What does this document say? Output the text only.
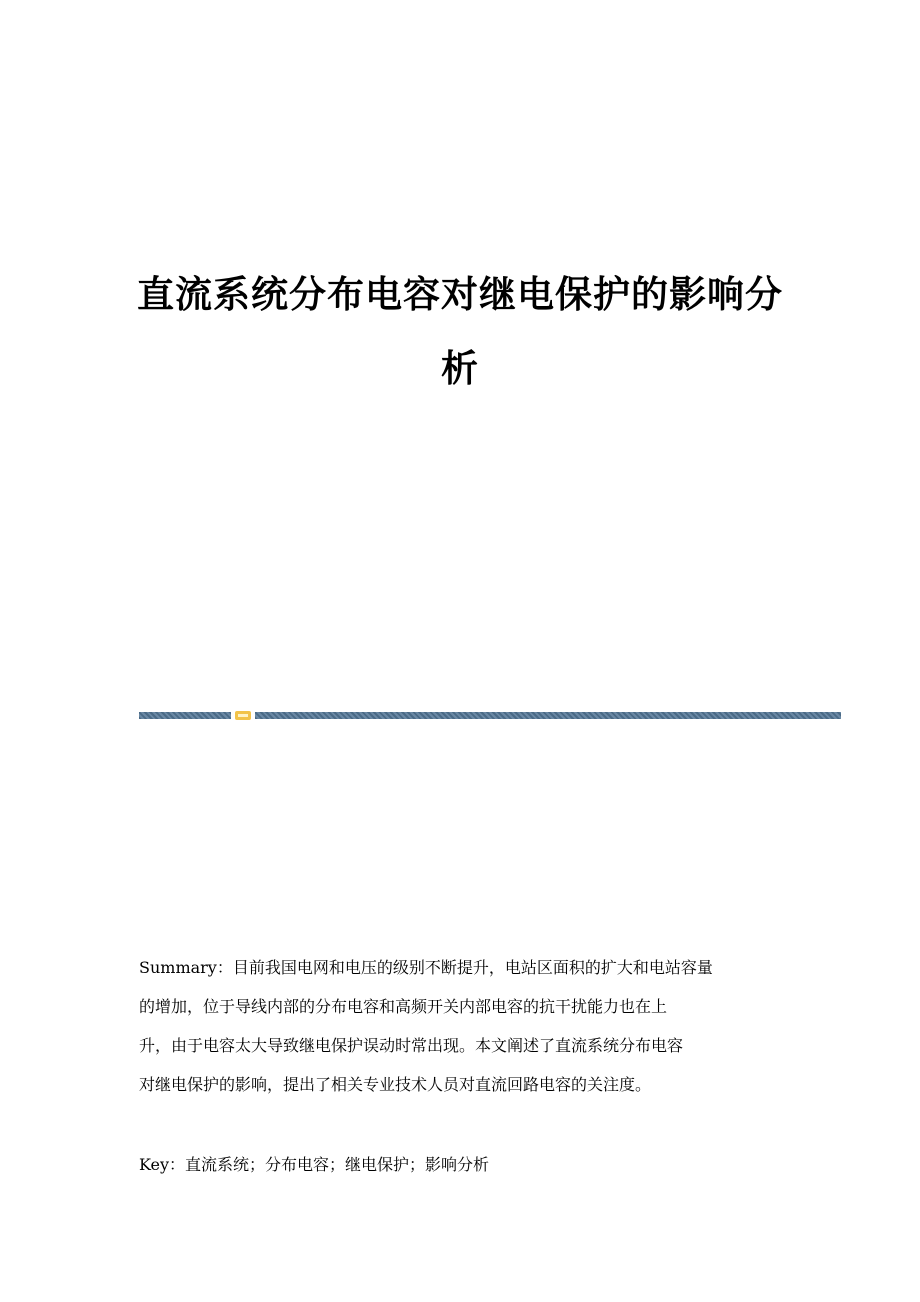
直流系统分布电容对继电保护的影响分
析

Summary：目前我国电网和电压的级别不断提升，电站区面积的扩大和电站容量
的增加，位于导线内部的分布电容和高频开关内部电容的抗干扰能力也在上
升，由于电容太大导致继电保护误动时常出现。本文阐述了直流系统分布电容
对继电保护的影响，提出了相关专业技术人员对直流回路电容的关注度。

Key：直流系统；分布电容；继电保护；影响分析
